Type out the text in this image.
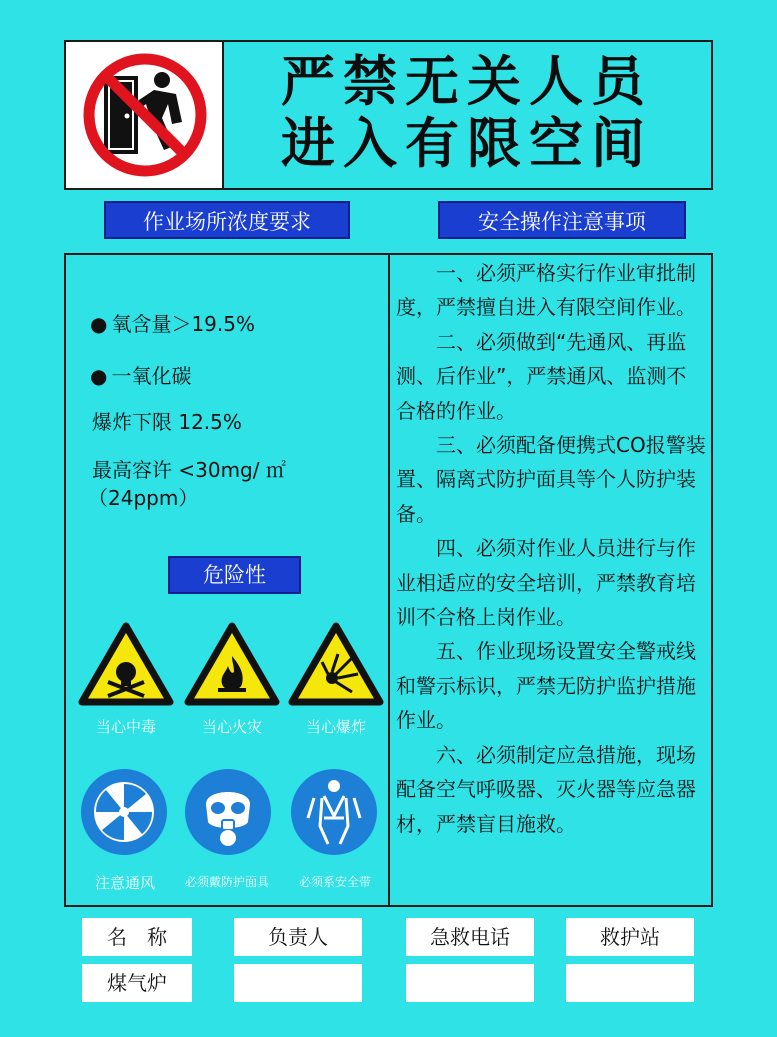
严禁无关人员
进入有限空间
作业场所浓度要求	安全操作注意事项
● 氧含量＞19.5%
● 一氧化碳
爆炸下限 12.5%
最高容许 <30mg/ ㎡
（24ppm）
危险性
当心中毒	当心火灾	当心爆炸
注意通风	必须戴防护面具	必须系安全带

一、必须严格实行作业审批制度，严禁擅自进入有限空间作业。

二、必须做到“先通风、再监测、后作业”，严禁通风、监测不合格的作业。

三、必须配备便携式CO报警装置、隔离式防护面具等个人防护装备。

四、必须对作业人员进行与作业相适应的安全培训，严禁教育培训不合格上岗作业。

五、作业现场设置安全警戒线和警示标识，严禁无防护监护措施作业。

六、必须制定应急措施，现场配备空气呼吸器、灭火器等应急器材，严禁盲目施救。

名　称	负责人	急救电话	救护站
煤气炉
